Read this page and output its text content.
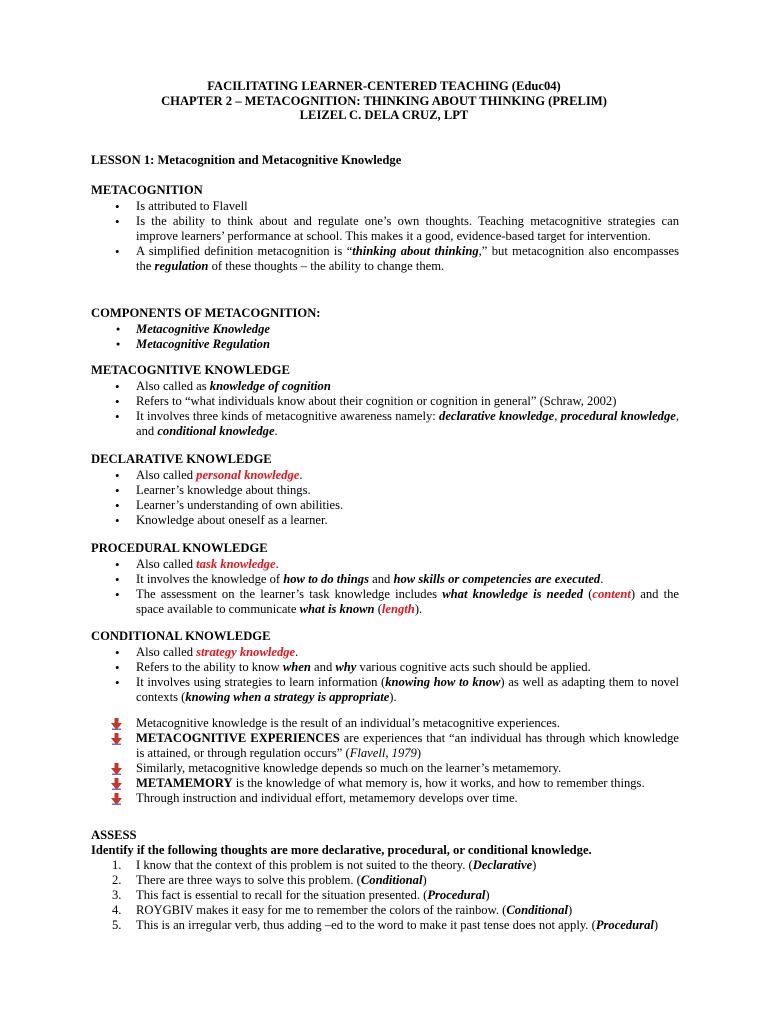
FACILITATING LEARNER-CENTERED TEACHING (Educ04)
CHAPTER 2 – METACOGNITION: THINKING ABOUT THINKING (PRELIM)
LEIZEL C. DELA CRUZ, LPT
LESSON 1: Metacognition and Metacognitive Knowledge
METACOGNITION
• Is attributed to Flavell
• Is the ability to think about and regulate one’s own thoughts. Teaching metacognitive strategies can improve learners’ performance at school. This makes it a good, evidence-based target for intervention.
• A simplified definition metacognition is “thinking about thinking,” but metacognition also encompasses the regulation of these thoughts – the ability to change them.
COMPONENTS OF METACOGNITION:
● Metacognitive Knowledge
● Metacognitive Regulation
METACOGNITIVE KNOWLEDGE
• Also called as knowledge of cognition
• Refers to “what individuals know about their cognition or cognition in general” (Schraw, 2002)
• It involves three kinds of metacognitive awareness namely: declarative knowledge, procedural knowledge, and conditional knowledge.
DECLARATIVE KNOWLEDGE
• Also called personal knowledge.
• Learner’s knowledge about things.
• Learner’s understanding of own abilities.
• Knowledge about oneself as a learner.
PROCEDURAL KNOWLEDGE
• Also called task knowledge.
• It involves the knowledge of how to do things and how skills or competencies are executed.
• The assessment on the learner’s task knowledge includes what knowledge is needed (content) and the space available to communicate what is known (length).
CONDITIONAL KNOWLEDGE
• Also called strategy knowledge.
• Refers to the ability to know when and why various cognitive acts such should be applied.
• It involves using strategies to learn information (knowing how to know) as well as adapting them to novel contexts (knowing when a strategy is appropriate).
Metacognitive knowledge is the result of an individual’s metacognitive experiences.
METACOGNITIVE EXPERIENCES are experiences that “an individual has through which knowledge is attained, or through regulation occurs” (Flavell, 1979)
Similarly, metacognitive knowledge depends so much on the learner’s metamemory.
METAMEMORY is the knowledge of what memory is, how it works, and how to remember things.
Through instruction and individual effort, metamemory develops over time.
ASSESS
Identify if the following thoughts are more declarative, procedural, or conditional knowledge.
1. I know that the context of this problem is not suited to the theory. (Declarative)
2. There are three ways to solve this problem. (Conditional)
3. This fact is essential to recall for the situation presented. (Procedural)
4. ROYGBIV makes it easy for me to remember the colors of the rainbow. (Conditional)
5. This is an irregular verb, thus adding –ed to the word to make it past tense does not apply. (Procedural)
